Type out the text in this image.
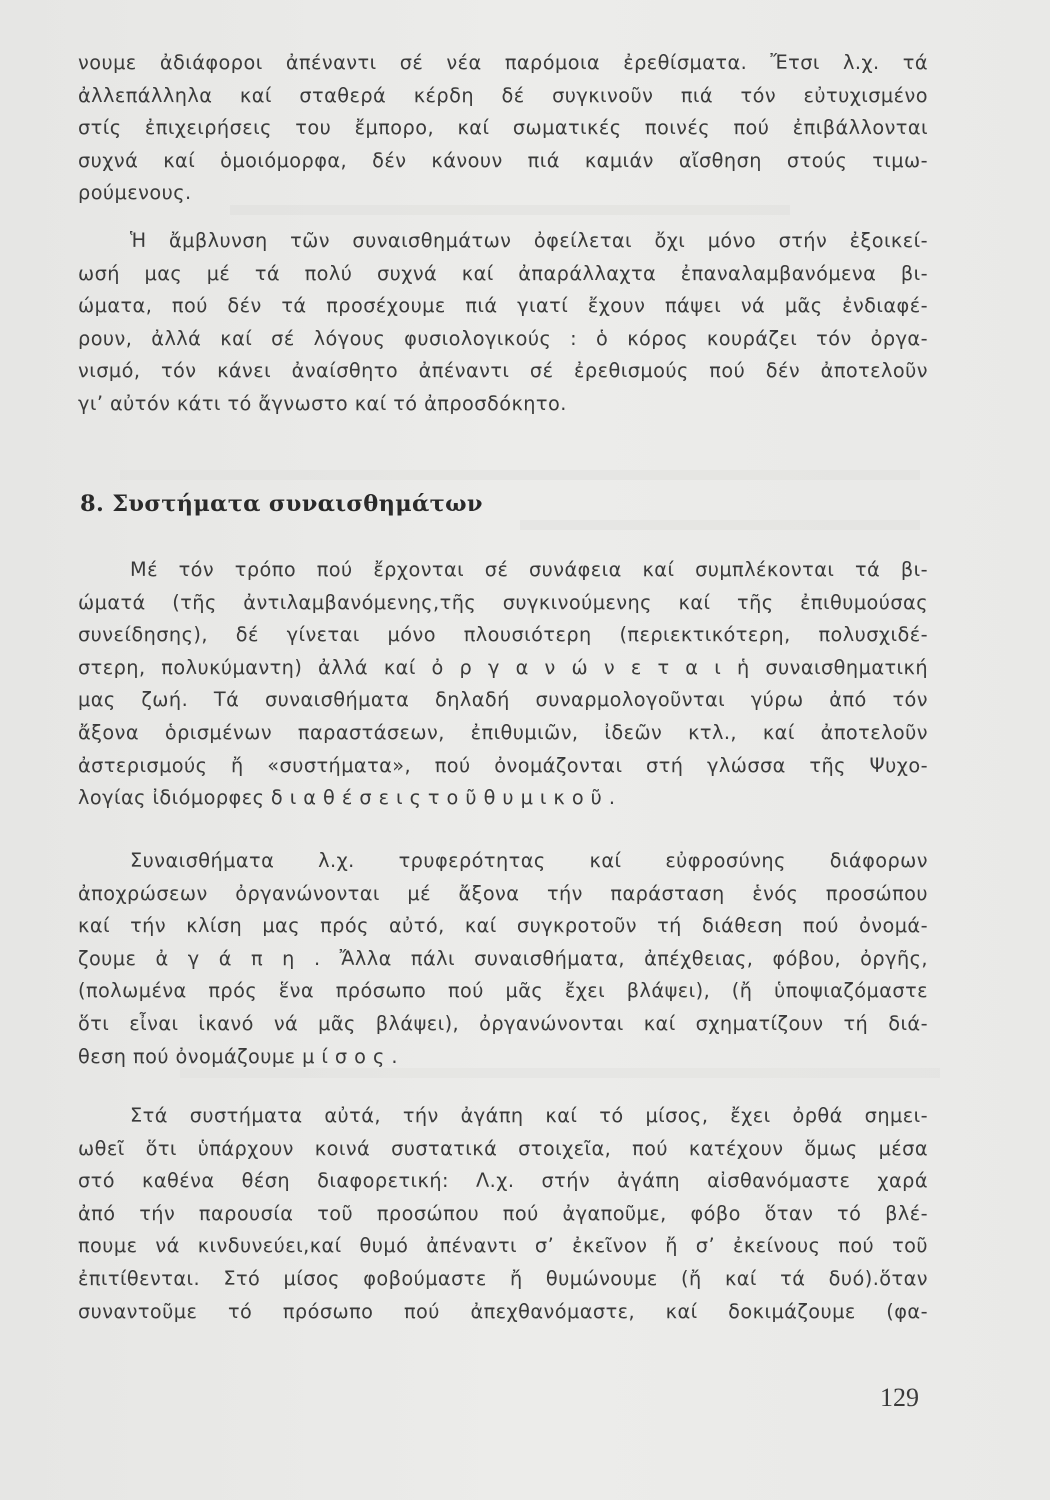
νουμε ἀδιάφοροι ἀπέναντι σέ νέα παρόμοια ἐρεθίσματα. Ἔτσι λ.χ. τά
ἀλλεπάλληλα καί σταθερά κέρδη δέ συγκινοῦν πιά τόν εὐτυχισμένο
στίς ἐπιχειρήσεις του ἔμπορο, καί σωματικές ποινές πού ἐπιβάλλονται
συχνά καί ὁμοιόμορφα, δέν κάνουν πιά καμιάν αἴσθηση στούς τιμω-
ρούμενους.
Ἡ ἄμβλυνση τῶν συναισθημάτων ὀφείλεται ὄχι μόνο στήν ἐξοικεί-
ωσή μας μέ τά πολύ συχνά καί ἀπαράλλαχτα ἐπαναλαμβανόμενα βι-
ώματα, πού δέν τά προσέχουμε πιά γιατί ἔχουν πάψει νά μᾶς ἐνδιαφέ-
ρουν, ἀλλά καί σέ λόγους φυσιολογικούς : ὁ κόρος κουράζει τόν ὀργα-
νισμό, τόν κάνει ἀναίσθητο ἀπέναντι σέ ἐρεθισμούς πού δέν ἀποτελοῦν
γι’ αὐτόν κάτι τό ἄγνωστο καί τό ἀπροσδόκητο.
8. Συστήματα συναισθημάτων
Μέ τόν τρόπο πού ἔρχονται σέ συνάφεια καί συμπλέκονται τά βι-
ώματά (τῆς ἀντιλαμβανόμενης,τῆς συγκινούμενης καί τῆς ἐπιθυμούσας
συνείδησης), δέ γίνεται μόνο πλουσιότερη (περιεκτικότερη, πολυσχιδέ-
στερη, πολυκύμαντη) ἀλλά καί ὀ ρ γ α ν ώ ν ε τ α ι ἡ συναισθηματική
μας ζωή. Τά συναισθήματα δηλαδή συναρμολογοῦνται γύρω ἀπό τόν
ἄξονα ὁρισμένων παραστάσεων, ἐπιθυμιῶν, ἰδεῶν κτλ., καί ἀποτελοῦν
ἀστερισμούς ἤ «συστήματα», πού ὀνομάζονται στή γλώσσα τῆς Ψυχο-
λογίας ἰδιόμορφες δ ι α θ έ σ ε ι ς τ ο ῦ θ υ μ ι κ ο ῦ .
Συναισθήματα λ.χ. τρυφερότητας καί εὐφροσύνης διάφορων
ἀποχρώσεων ὀργανώνονται μέ ἄξονα τήν παράσταση ἑνός προσώπου
καί τήν κλίση μας πρός αὐτό, καί συγκροτοῦν τή διάθεση πού ὀνομά-
ζουμε ἀ γ ά π η . Ἄλλα πάλι συναισθήματα, ἀπέχθειας, φόβου, ὀργῆς,
(πολωμένα πρός ἕνα πρόσωπο πού μᾶς ἔχει βλάψει), (ἤ ὑποψιαζόμαστε
ὅτι εἶναι ἱκανό νά μᾶς βλάψει), ὀργανώνονται καί σχηματίζουν τή διά-
θεση πού ὀνομάζουμε μ ί σ ο ς .
Στά συστήματα αὐτά, τήν ἀγάπη καί τό μίσος, ἔχει ὀρθά σημει-
ωθεῖ ὅτι ὑπάρχουν κοινά συστατικά στοιχεῖα, πού κατέχουν ὅμως μέσα
στό καθένα θέση διαφορετική: Λ.χ. στήν ἀγάπη αἰσθανόμαστε χαρά
ἀπό τήν παρουσία τοῦ προσώπου πού ἀγαποῦμε, φόβο ὅταν τό βλέ-
πουμε νά κινδυνεύει,καί θυμό ἀπέναντι σ’ ἐκεῖνον ἤ σ’ ἐκείνους πού τοῦ
ἐπιτίθενται. Στό μίσος φοβούμαστε ἤ θυμώνουμε (ἤ καί τά δυό).ὅταν
συναντοῦμε τό πρόσωπο πού ἀπεχθανόμαστε, καί δοκιμάζουμε (φα-
129
